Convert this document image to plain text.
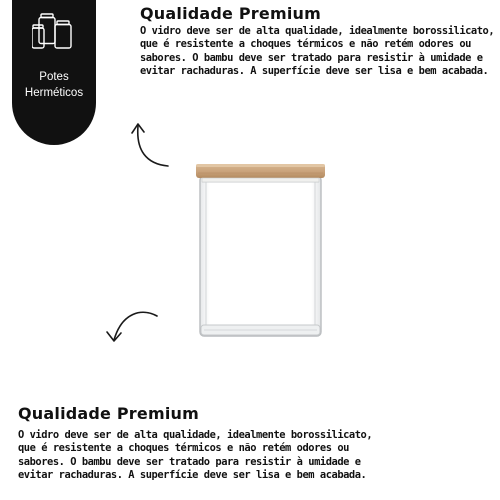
Potes
Herméticos
Qualidade Premium
O vidro deve ser de alta qualidade, idealmente borossilicato,
que é resistente a choques térmicos e não retém odores ou
sabores. O bambu deve ser tratado para resistir à umidade e
evitar rachaduras. A superfície deve ser lisa e bem acabada.
Qualidade Premium
O vidro deve ser de alta qualidade, idealmente borossilicato,
que é resistente a choques térmicos e não retém odores ou
sabores. O bambu deve ser tratado para resistir à umidade e
evitar rachaduras. A superfície deve ser lisa e bem acabada.
